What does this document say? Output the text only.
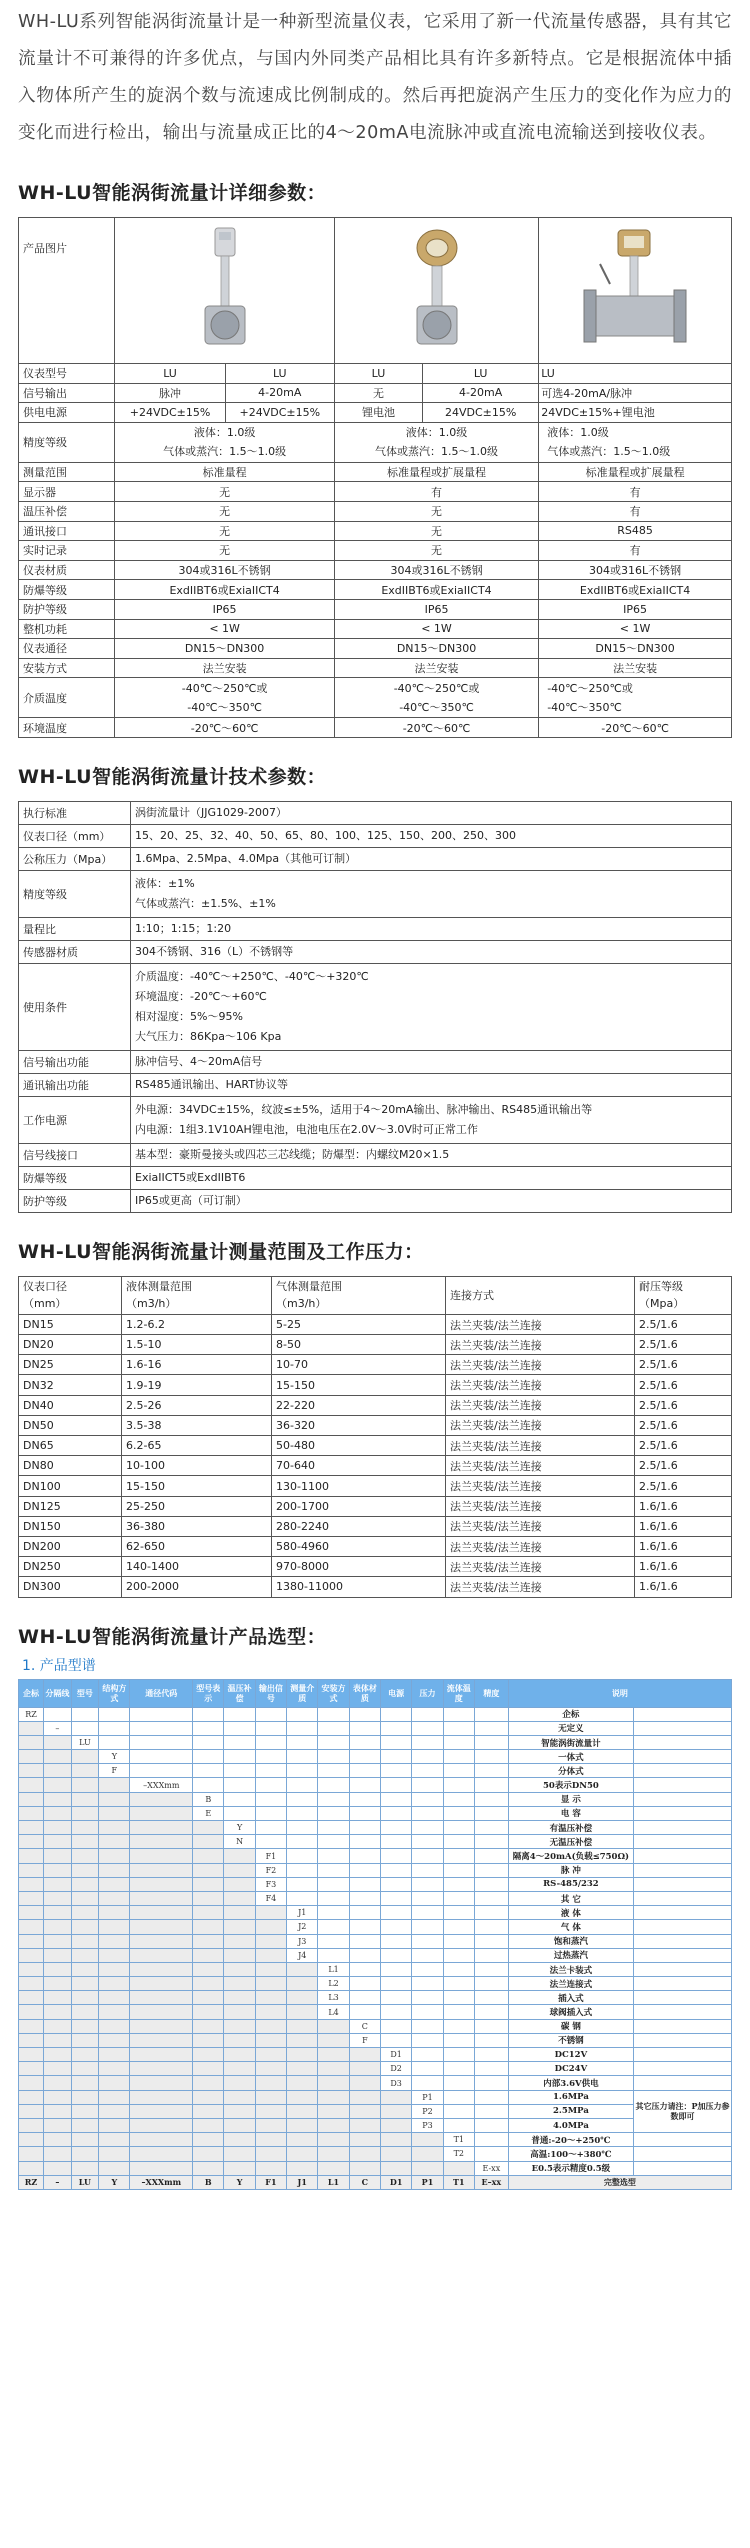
WH-LU系列智能涡街流量计是一种新型流量仪表，它采用了新一代流量传感器，具有其它流量计不可兼得的许多优点，与国内外同类产品相比具有许多新特点。它是根据流体中插入物体所产生的旋涡个数与流速成比例制成的。然后再把旋涡产生压力的变化作为应力的变化而进行检出，输出与流量成正比的4～20mA电流脉冲或直流电流输送到接收仪表。

WH-LU智能涡街流量计详细参数：
产品图片			
仪表型号	LU	LU	LU	LU	LU
信号输出	脉冲	4-20mA	无	4-20mA	可选4-20mA/脉冲
供电电源	+24VDC±15%	+24VDC±15%	锂电池	24VDC±15%	24VDC±15%+锂电池
精度等级	液体：1.0级
气体或蒸汽：1.5～1.0级		液体：1.0级
气体或蒸汽：1.5～1.0级		液体：1.0级
气体或蒸汽：1.5～1.0级

测量范围	标准量程		标准量程或扩展量程		标准量程或扩展量程
显示器	无		有		有
温压补偿	无		无		有
通讯接口	无		无		RS485
实时记录	无		无		有
仪表材质	304或316L不锈钢		304或316L不锈钢		304或316L不锈钢
防爆等级	ExdIIBT6或ExiaIICT4		ExdIIBT6或ExiaIICT4		ExdIIBT6或ExiaIICT4
防护等级	IP65		IP65		IP65
整机功耗	< 1W		< 1W		< 1W
仪表通径	DN15～DN300		DN15～DN300		DN15～DN300
安装方式	法兰安装		法兰安装		法兰安装
介质温度	-40℃～250℃或
-40℃～350℃		-40℃～250℃或
-40℃～350℃		-40℃～250℃或
-40℃～350℃

环境温度	-20℃～60℃		-20℃～60℃		-20℃～60℃
WH-LU智能涡街流量计技术参数：
执行标准	涡街流量计（JJG1029-2007）

仪表口径（mm）	15、20、25、32、40、50、65、80、100、125、150、200、250、300

公称压力（Mpa）	1.6Mpa、2.5Mpa、4.0Mpa（其他可订制）

精度等级	液体：±1%
气体或蒸汽：±1.5%、±1%

量程比	1:10；1:15；1:20

传感器材质	304不锈钢、316（L）不锈钢等

使用条件	介质温度：-40℃～+250℃、-40℃～+320℃
环境温度：-20℃～+60℃
相对湿度：5%～95%
大气压力：86Kpa～106 Kpa

信号输出功能	脉冲信号、4～20mA信号

通讯输出功能	RS485通讯输出、HART协议等

工作电源	外电源：34VDC±15%，纹波≤±5%，适用于4～20mA输出、脉冲输出、RS485通讯输出等
内电源：1组3.1V10AH锂电池，电池电压在2.0V～3.0V时可正常工作

信号线接口	基本型：豪斯曼接头或四芯三芯线缆；防爆型：内螺纹M20×1.5

防爆等级	ExiaIICT5或ExdIIBT6

防护等级	IP65或更高（可订制）
WH-LU智能涡街流量计测量范围及工作压力：
仪表口径
（mm）	液体测量范围
（m3/h）	气体测量范围
（m3/h）	连接方式	耐压等级
（Mpa）

DN15	1.2-6.2	5-25	法兰夹装/法兰连接	2.5/1.6
DN20	1.5-10	8-50	法兰夹装/法兰连接	2.5/1.6
DN25	1.6-16	10-70	法兰夹装/法兰连接	2.5/1.6
DN32	1.9-19	15-150	法兰夹装/法兰连接	2.5/1.6
DN40	2.5-26	22-220	法兰夹装/法兰连接	2.5/1.6
DN50	3.5-38	36-320	法兰夹装/法兰连接	2.5/1.6
DN65	6.2-65	50-480	法兰夹装/法兰连接	2.5/1.6
DN80	10-100	70-640	法兰夹装/法兰连接	2.5/1.6
DN100	15-150	130-1100	法兰夹装/法兰连接	2.5/1.6
DN125	25-250	200-1700	法兰夹装/法兰连接	1.6/1.6
DN150	36-380	280-2240	法兰夹装/法兰连接	1.6/1.6
DN200	62-650	580-4960	法兰夹装/法兰连接	1.6/1.6
DN250	140-1400	970-8000	法兰夹装/法兰连接	1.6/1.6
DN300	200-2000	1380-11000	法兰夹装/法兰连接	1.6/1.6
WH-LU智能涡街流量计产品选型：
1. 产品型谱
企标	分隔线	型号	结构方式	通径代码	型号表示	温压补偿	输出信号	测量介质	安装方式	表体材质	电源	压力	流体温度	精度	说明	
RZ															企标	
	–														无定义	
		LU													智能涡街流量计	
			Y												一体式	
			F												分体式	
				–XXXmm											50表示DN50	
					B										显 示	
					E										电 容	
						Y									有温压补偿	
						N									无温压补偿	
							F1								隔离4～20mA(负载≤750Ω)	
							F2								脉 冲	
							F3								RS-485/232	
							F4								其 它	
								J1							液 体	
								J2							气 体	
								J3							饱和蒸汽	
								J4							过热蒸汽	
									L1						法兰卡装式	
									L2						法兰连接式	
									L3						插入式	
									L4						球阀插入式	
										C					碳 钢	
										F					不锈钢	
											D1				DC12V	
											D2				DC24V	
											D3				内部3.6V供电	
												P1			1.6MPa	其它压力请注：P加压力参数即可
												P2			2.5MPa	
												P3			4.0MPa	
													T1		普通:-20～+250℃	
													T2		高温:100～+380℃	
														E-xx	E0.5表示精度0.5级	
RZ	–	LU	Y	–XXXmm	B	Y	F1	J1	L1	C	D1	P1	T1	E–xx	完整选型	
